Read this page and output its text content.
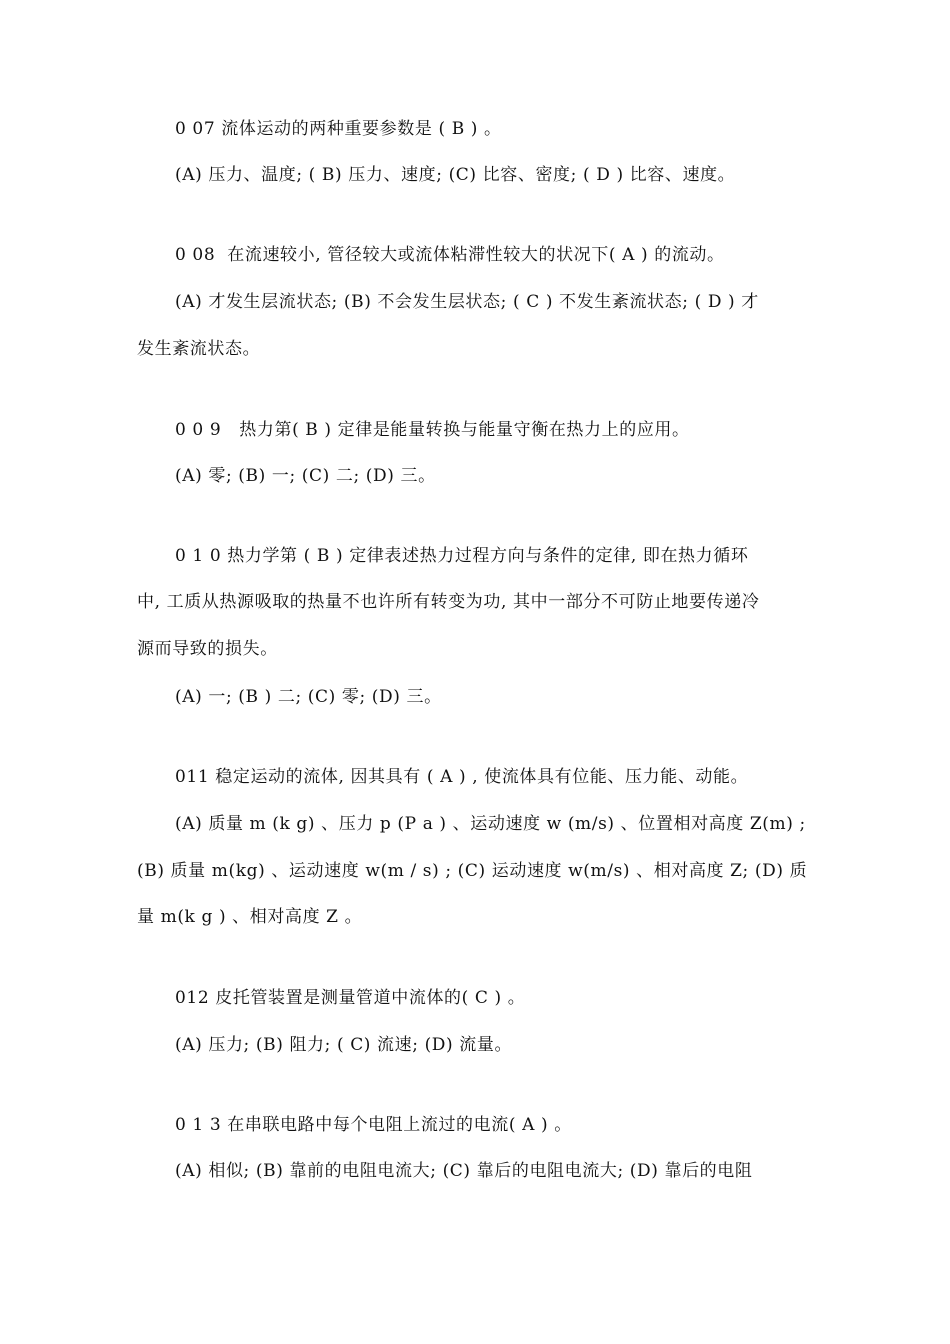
0 07 流体运动的两种重要参数是 ( B ) 。
(A) 压力、温度; ( B) 压力、速度; (C) 比容、密度; ( D ) 比容、速度。
0 08  在流速较小, 管径较大或流体粘滞性较大的状况下( A ) 的流动。
(A) 才发生层流状态; (B) 不会发生层状态; ( C ) 不发生紊流状态; ( D ) 才
发生紊流状态。
0 0 9   热力第( B ) 定律是能量转换与能量守衡在热力上的应用。
(A) 零; (B) 一; (C) 二; (D) 三。
0 1 0 热力学第 ( B ) 定律表述热力过程方向与条件的定律, 即在热力循环
中, 工质从热源吸取的热量不也许所有转变为功, 其中一部分不可防止地要传递冷
源而导致的损失。
(A) 一; (B ) 二; (C) 零; (D) 三。
011 稳定运动的流体, 因其具有 ( A ) , 使流体具有位能、压力能、动能。
(A) 质量 m (k g) 、压力 p (P a ) 、运动速度 w (m/s) 、位置相对高度 Z(m) ;
(B) 质量 m(kg) 、运动速度 w(m / s) ; (C) 运动速度 w(m/s) 、相对高度 Z; (D) 质
量 m(k g ) 、相对高度 Z 。
012 皮托管装置是测量管道中流体的( C ) 。
(A) 压力; (B) 阻力; ( C) 流速; (D) 流量。
0 1 3 在串联电路中每个电阻上流过的电流( A ) 。
(A) 相似; (B) 靠前的电阻电流大; (C) 靠后的电阻电流大; (D) 靠后的电阻
